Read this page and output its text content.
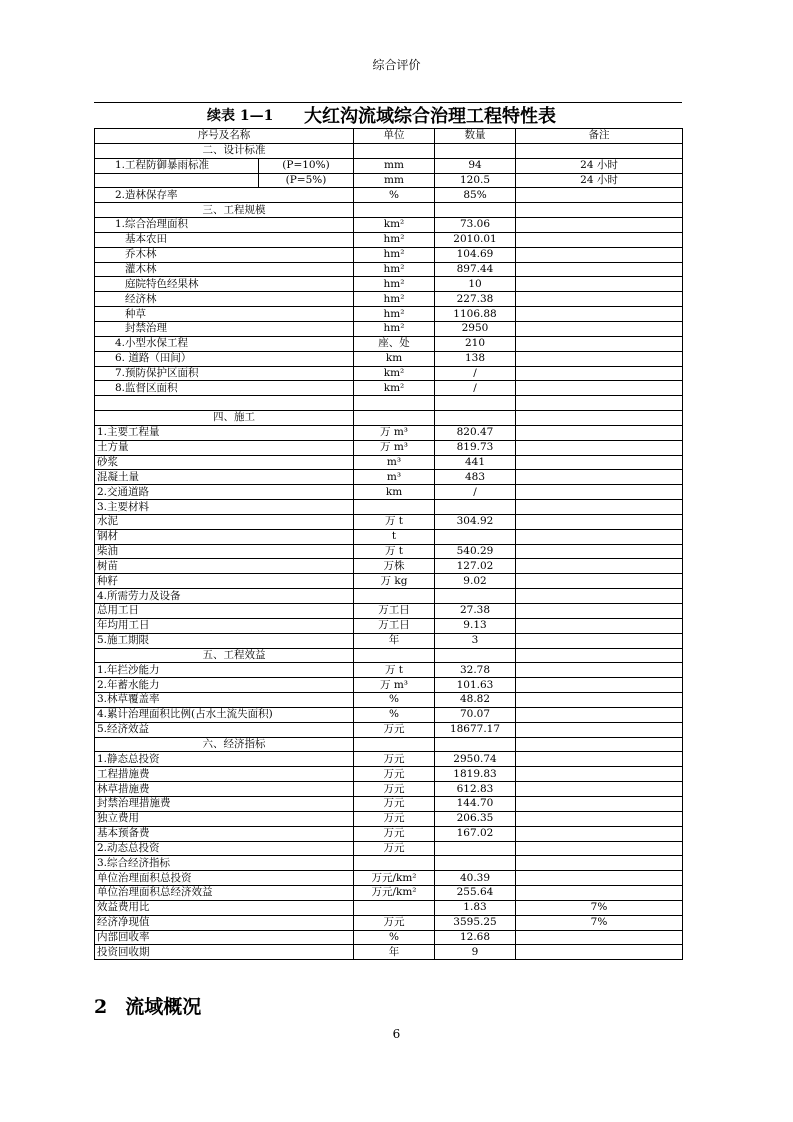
综合评价
续表 1—1 大红沟流域综合治理工程特性表
序号及名称		单位	数量	备注
二、设计标准				
1.工程防御暴雨标准	(P=10%)	mm	94	24 小时
	(P=5%)	mm	120.5	24 小时
2.造林保存率		%	85%	
三、工程规模				
1.综合治理面积		km²	73.06	
基本农田		hm²	2010.01	
乔木林		hm²	104.69	
灌木林		hm²	897.44	
庭院特色经果林		hm²	10	
经济林		hm²	227.38	
种草		hm²	1106.88	
封禁治理		hm²	2950	
4.小型水保工程		座、处	210	
6. 道路（田间）		km	138	
7.预防保护区面积		km²	/	
8.监督区面积		km²	/	

四、施工				
1.主要工程量		万 m³	820.47	
土方量		万 m³	819.73	
砂浆		m³	441	
混凝土量		m³	483	
2.交通道路		km	/	
3.主要材料				
水泥		万 t	304.92	
钢材		t		
柴油		万 t	540.29	
树苗		万株	127.02	
种籽		万 kg	9.02	
4.所需劳力及设备				
总用工日		万工日	27.38	
年均用工日		万工日	9.13	
5.施工期限		年	3	
五、工程效益				
1.年拦沙能力		万 t	32.78	
2.年蓄水能力		万 m³	101.63	
3.林草覆盖率		%	48.82	
4.累计治理面积比例(占水土流失面积)		%	70.07	
5.经济效益		万元	18677.17	
六、经济指标				
1.静态总投资		万元	2950.74	
工程措施费		万元	1819.83	
林草措施费		万元	612.83	
封禁治理措施费		万元	144.70	
独立费用		万元	206.35	
基本预备费		万元	167.02	
2.动态总投资		万元		
3.综合经济指标				
单位治理面积总投资		万元/km²	40.39	
单位治理面积总经济效益		万元/km²	255.64	
效益费用比			1.83	7%
经济净现值		万元	3595.25	7%
内部回收率		%	12.68	
投资回收期		年	9	
2 流域概况
6
